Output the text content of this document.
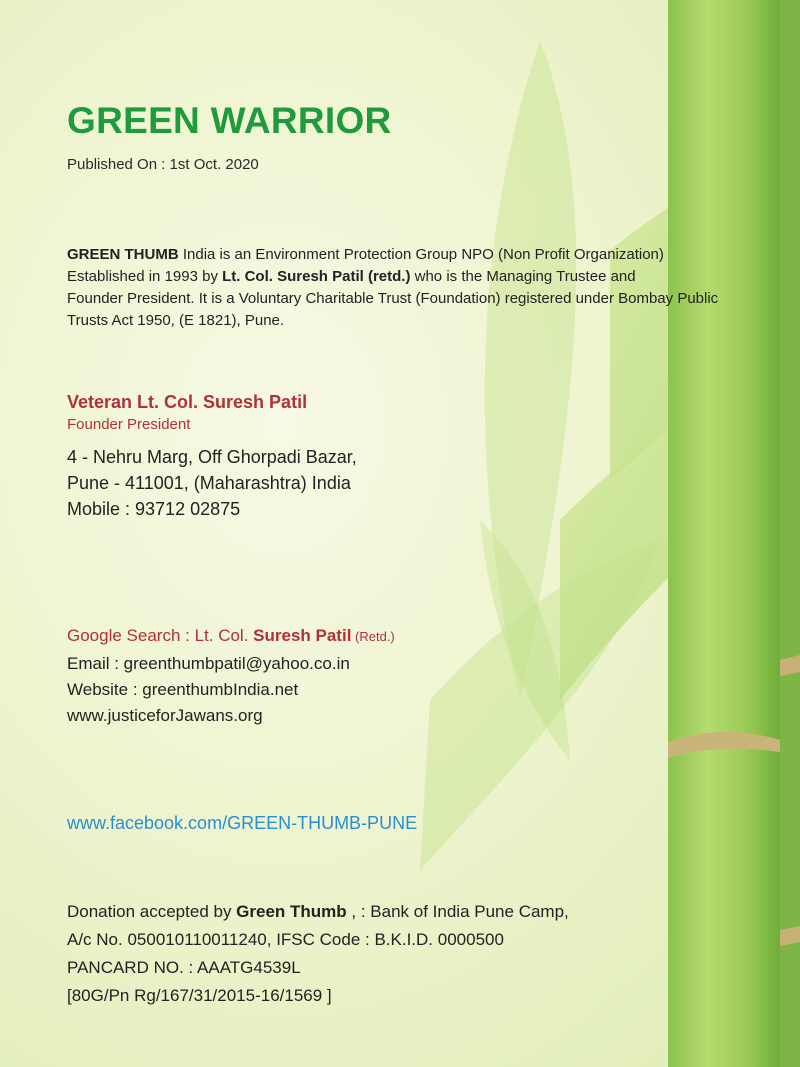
GREEN WARRIOR
Published On : 1st Oct. 2020
GREEN THUMB India is an Environment Protection Group NPO (Non Profit Organization)
Established in 1993 by Lt. Col. Suresh Patil (retd.) who is the Managing Trustee and
Founder President. It is a Voluntary Charitable Trust (Foundation) registered under Bombay Public
Trusts Act 1950, (E 1821), Pune.
Veteran Lt. Col. Suresh Patil
Founder President
4 - Nehru Marg, Off Ghorpadi Bazar,
Pune - 411001, (Maharashtra) India
Mobile : 93712 02875
Google Search : Lt. Col. Suresh Patil (Retd.)
Email : greenthumbpatil@yahoo.co.in
Website : greenthumbIndia.net
www.justiceforJawans.org
www.facebook.com/GREEN-THUMB-PUNE
Donation accepted by Green Thumb , : Bank of India Pune Camp,
A/c No. 050010110011240, IFSC Code : B.K.I.D. 0000500
PANCARD NO. : AAATG4539L
[80G/Pn Rg/167/31/2015-16/1569 ]
